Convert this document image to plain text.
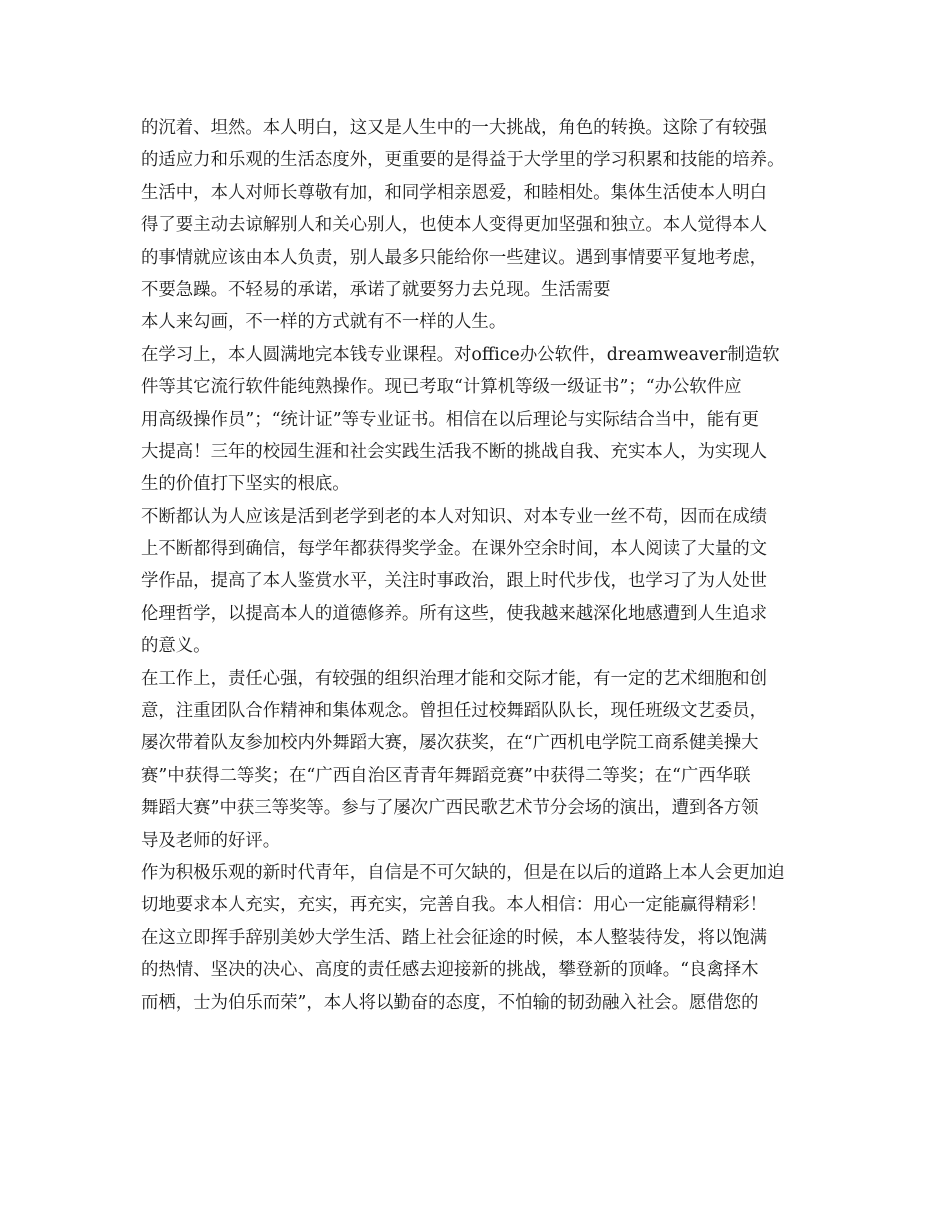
的沉着、坦然。本人明白，这又是人生中的一大挑战，角色的转换。这除了有较强
的适应力和乐观的生活态度外，更重要的是得益于大学里的学习积累和技能的培养。
生活中，本人对师长尊敬有加，和同学相亲恩爱，和睦相处。集体生活使本人明白
得了要主动去谅解别人和关心别人，也使本人变得更加坚强和独立。本人觉得本人
的事情就应该由本人负责，别人最多只能给你一些建议。遇到事情要平复地考虑，
不要急躁。不轻易的承诺，承诺了就要努力去兑现。生活需要
本人来勾画，不一样的方式就有不一样的人生。
在学习上，本人圆满地完本钱专业课程。对office办公软件，dreamweaver制造软
件等其它流行软件能纯熟操作。现已考取“计算机等级一级证书”；“办公软件应
用高级操作员”；“统计证”等专业证书。相信在以后理论与实际结合当中，能有更
大提高！三年的校园生涯和社会实践生活我不断的挑战自我、充实本人，为实现人
生的价值打下坚实的根底。
不断都认为人应该是活到老学到老的本人对知识、对本专业一丝不苟，因而在成绩
上不断都得到确信，每学年都获得奖学金。在课外空余时间，本人阅读了大量的文
学作品，提高了本人鉴赏水平，关注时事政治，跟上时代步伐，也学习了为人处世
伦理哲学，以提高本人的道德修养。所有这些，使我越来越深化地感遭到人生追求
的意义。
在工作上，责任心强，有较强的组织治理才能和交际才能，有一定的艺术细胞和创
意，注重团队合作精神和集体观念。曾担任过校舞蹈队队长，现任班级文艺委员，
屡次带着队友参加校内外舞蹈大赛，屡次获奖，在“广西机电学院工商系健美操大
赛”中获得二等奖；在“广西自治区青青年舞蹈竞赛”中获得二等奖；在“广西华联
舞蹈大赛”中获三等奖等。参与了屡次广西民歌艺术节分会场的演出，遭到各方领
导及老师的好评。
作为积极乐观的新时代青年，自信是不可欠缺的，但是在以后的道路上本人会更加迫
切地要求本人充实，充实，再充实，完善自我。本人相信：用心一定能赢得精彩！
在这立即挥手辞别美妙大学生活、踏上社会征途的时候，本人整装待发，将以饱满
的热情、坚决的决心、高度的责任感去迎接新的挑战，攀登新的顶峰。“良禽择木
而栖，士为伯乐而荣”，本人将以勤奋的态度，不怕输的韧劲融入社会。愿借您的
